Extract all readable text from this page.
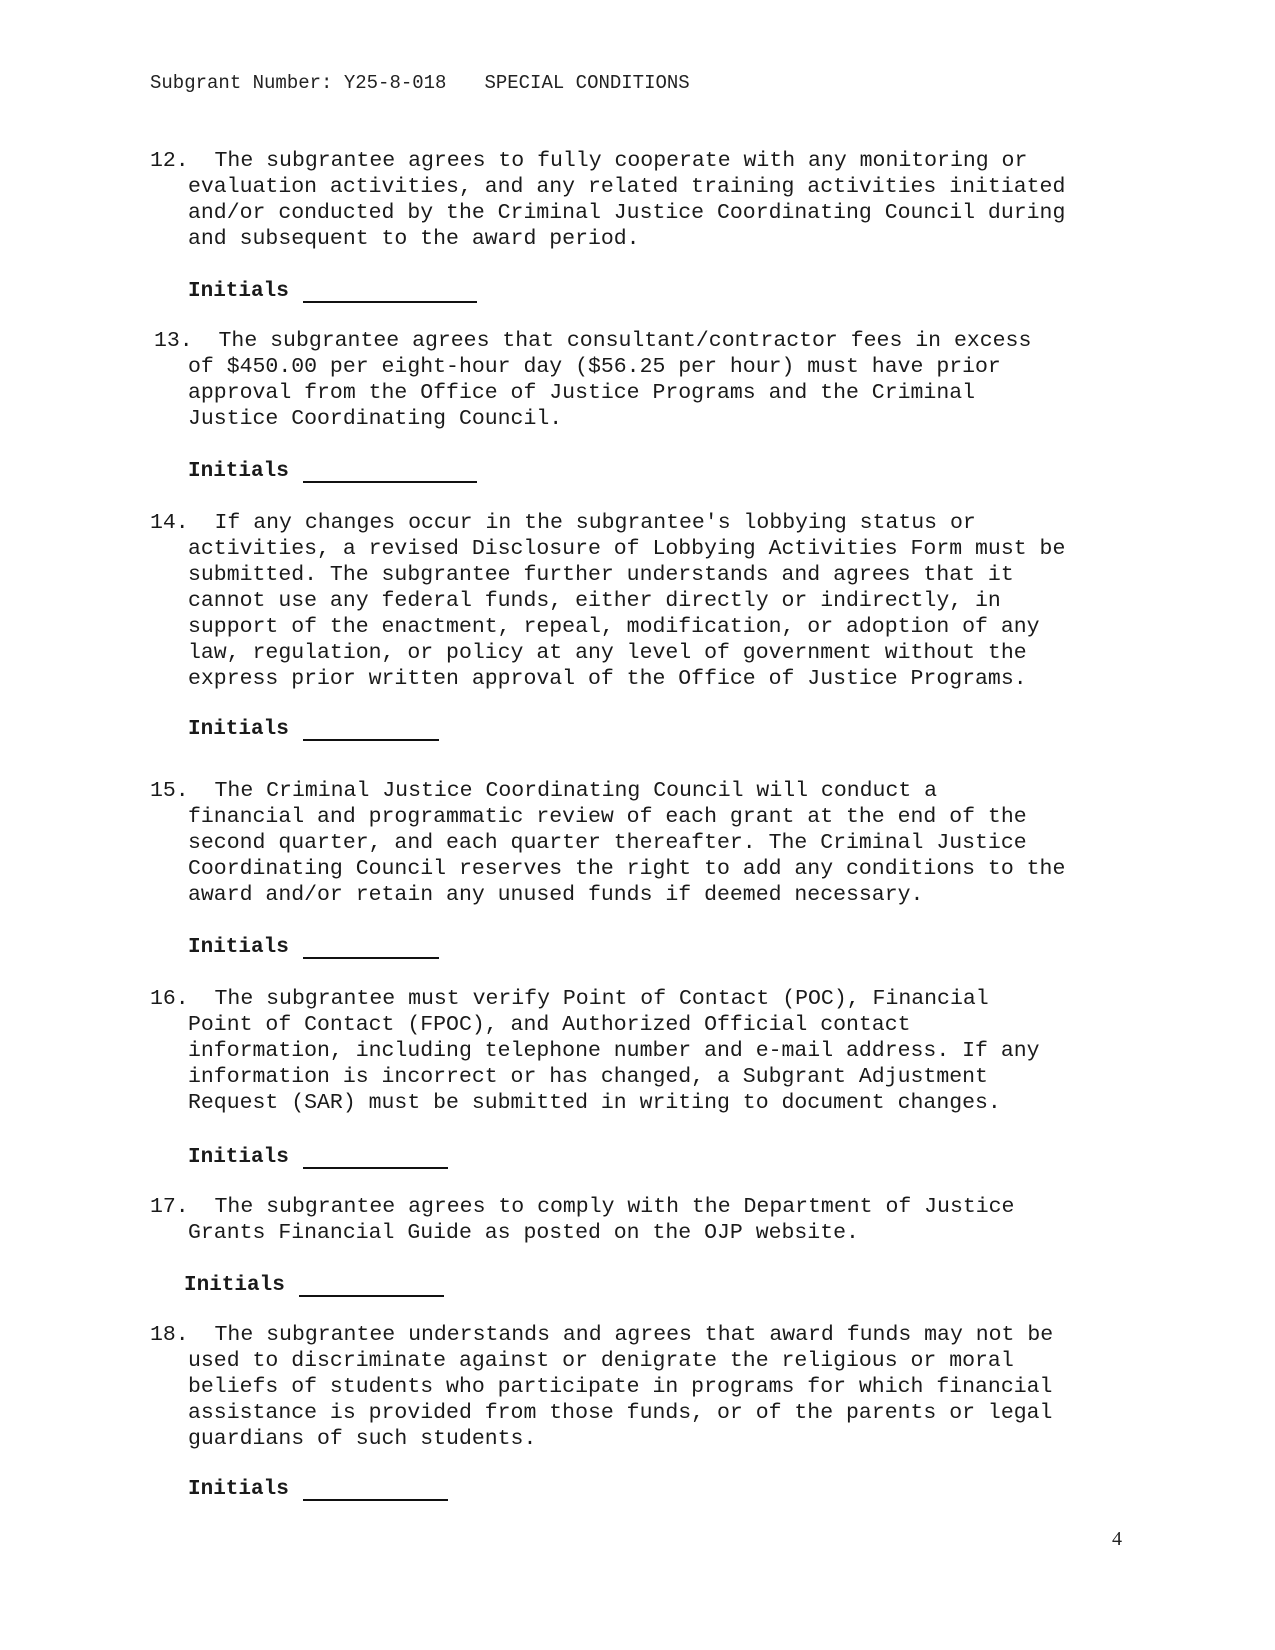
Subgrant Number: Y25-8-018 SPECIAL CONDITIONS
12. The subgrantee agrees to fully cooperate with any monitoring or
evaluation activities, and any related training activities initiated
and/or conducted by the Criminal Justice Coordinating Council during
and subsequent to the award period.
Initials
13. The subgrantee agrees that consultant/contractor fees in excess
of $450.00 per eight-hour day ($56.25 per hour) must have prior
approval from the Office of Justice Programs and the Criminal
Justice Coordinating Council.
Initials
14. If any changes occur in the subgrantee's lobbying status or
activities, a revised Disclosure of Lobbying Activities Form must be
submitted. The subgrantee further understands and agrees that it
cannot use any federal funds, either directly or indirectly, in
support of the enactment, repeal, modification, or adoption of any
law, regulation, or policy at any level of government without the
express prior written approval of the Office of Justice Programs.
Initials
15. The Criminal Justice Coordinating Council will conduct a
financial and programmatic review of each grant at the end of the
second quarter, and each quarter thereafter. The Criminal Justice
Coordinating Council reserves the right to add any conditions to the
award and/or retain any unused funds if deemed necessary.
Initials
16. The subgrantee must verify Point of Contact (POC), Financial
Point of Contact (FPOC), and Authorized Official contact
information, including telephone number and e-mail address. If any
information is incorrect or has changed, a Subgrant Adjustment
Request (SAR) must be submitted in writing to document changes.
Initials
17. The subgrantee agrees to comply with the Department of Justice
Grants Financial Guide as posted on the OJP website.
Initials
18. The subgrantee understands and agrees that award funds may not be
used to discriminate against or denigrate the religious or moral
beliefs of students who participate in programs for which financial
assistance is provided from those funds, or of the parents or legal
guardians of such students.
Initials
4
